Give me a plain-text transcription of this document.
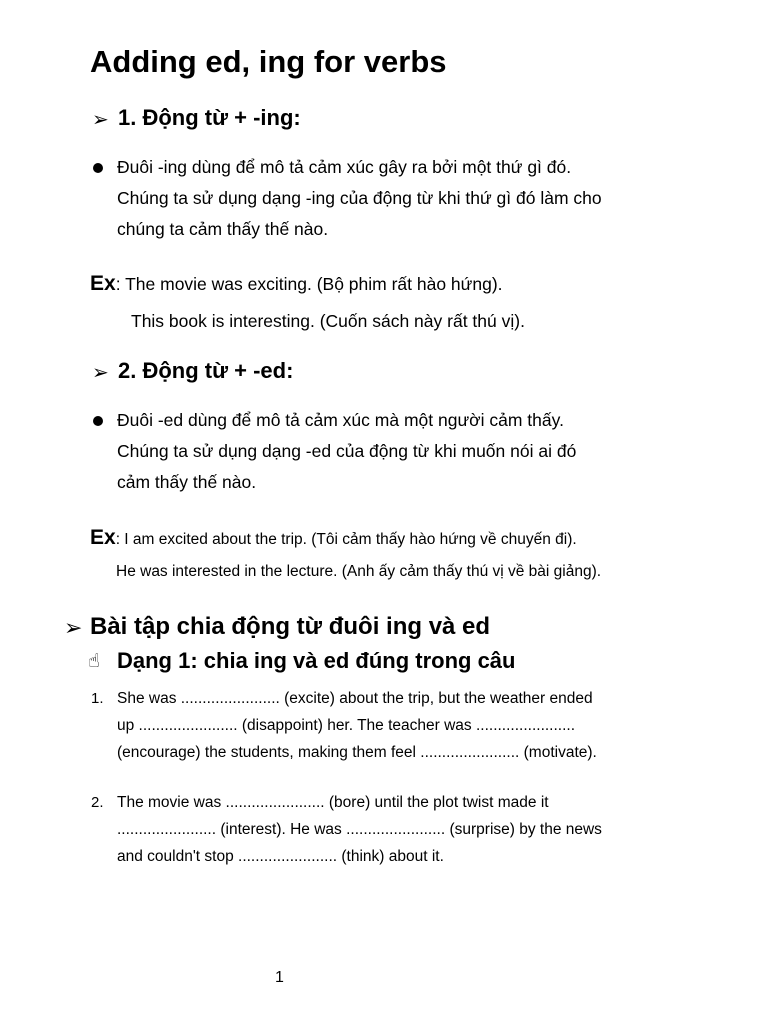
Adding ed, ing for verbs
➢ 1. Động từ + -ing:
Đuôi -ing dùng để mô tả cảm xúc gây ra bởi một thứ gì đó.
Chúng ta sử dụng dạng -ing của động từ khi thứ gì đó làm cho
chúng ta cảm thấy thế nào.
Ex: The movie was exciting. (Bộ phim rất hào hứng).
This book is interesting. (Cuốn sách này rất thú vị).
➢ 2. Động từ + -ed:
Đuôi -ed dùng để mô tả cảm xúc mà một người cảm thấy.
Chúng ta sử dụng dạng -ed của động từ khi muốn nói ai đó
cảm thấy thế nào.
Ex: I am excited about the trip. (Tôi cảm thấy hào hứng về chuyến đi).
He was interested in the lecture. (Anh ấy cảm thấy thú vị về bài giảng).
➢ Bài tập chia động từ đuôi ing và ed
☝ Dạng 1: chia ing và ed đúng trong câu
1. She was ....................... (excite) about the trip, but the weather ended
up ....................... (disappoint) her. The teacher was .......................
(encourage) the students, making them feel ....................... (motivate).
2. The movie was ....................... (bore) until the plot twist made it
....................... (interest). He was ....................... (surprise) by the news
and couldn't stop ....................... (think) about it.
1
